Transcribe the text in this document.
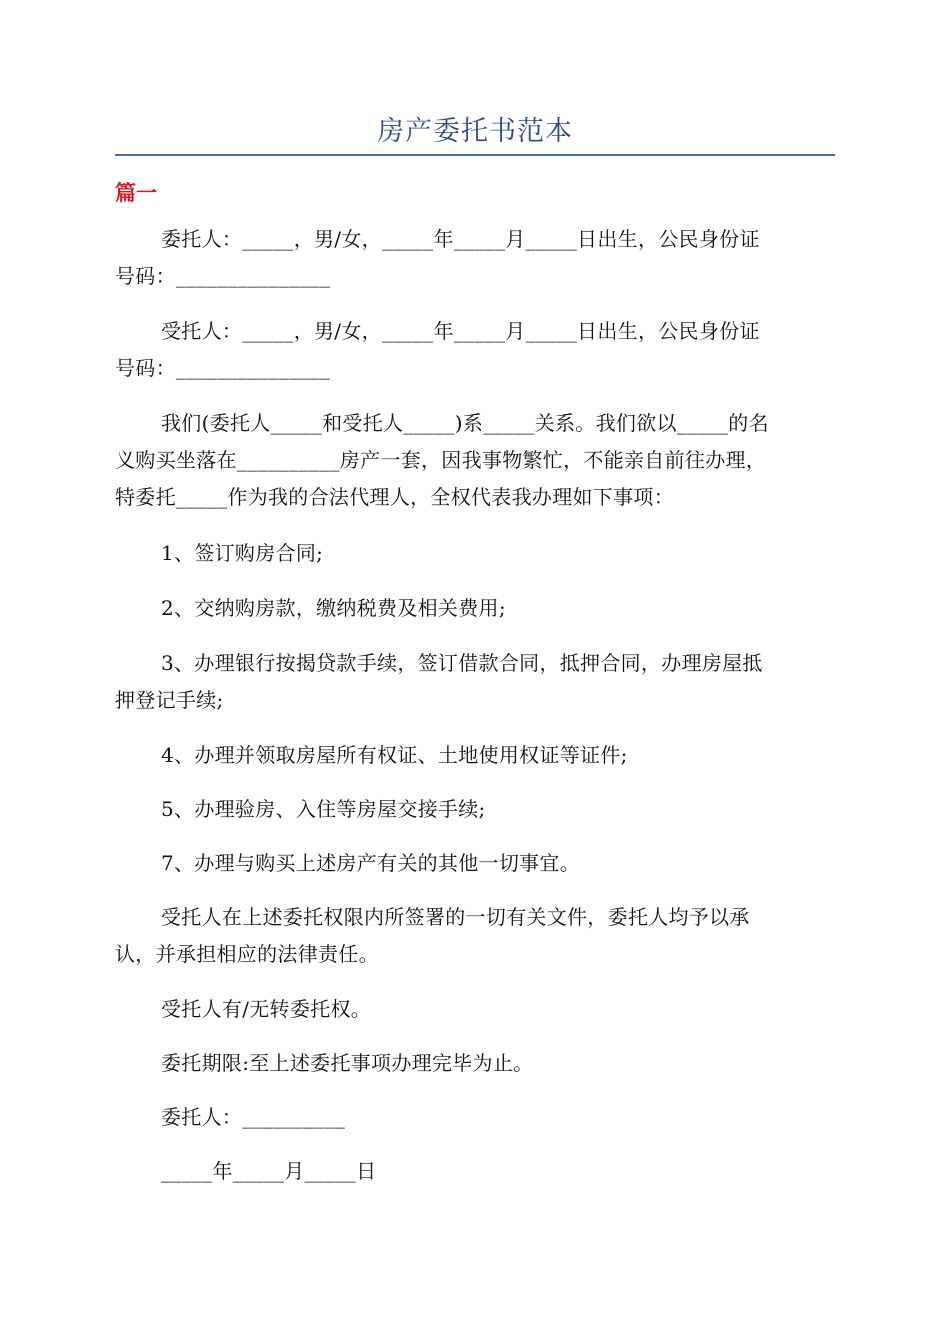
房产委托书范本
篇一
委托人：_____，男/女，_____年_____月_____日出生，公民身份证
号码：_______________
受托人：_____，男/女，_____年_____月_____日出生，公民身份证
号码：_______________
我们(委托人_____和受托人_____)系_____关系。我们欲以_____的名
义购买坐落在__________房产一套，因我事物繁忙，不能亲自前往办理，
特委托_____作为我的合法代理人，全权代表我办理如下事项：
1、签订购房合同;
2、交纳购房款，缴纳税费及相关费用;
3、办理银行按揭贷款手续，签订借款合同，抵押合同，办理房屋抵
押登记手续;
4、办理并领取房屋所有权证、土地使用权证等证件;
5、办理验房、入住等房屋交接手续;
7、办理与购买上述房产有关的其他一切事宜。
受托人在上述委托权限内所签署的一切有关文件，委托人均予以承
认，并承担相应的法律责任。
受托人有/无转委托权。
委托期限:至上述委托事项办理完毕为止。
委托人：__________
_____年_____月_____日
